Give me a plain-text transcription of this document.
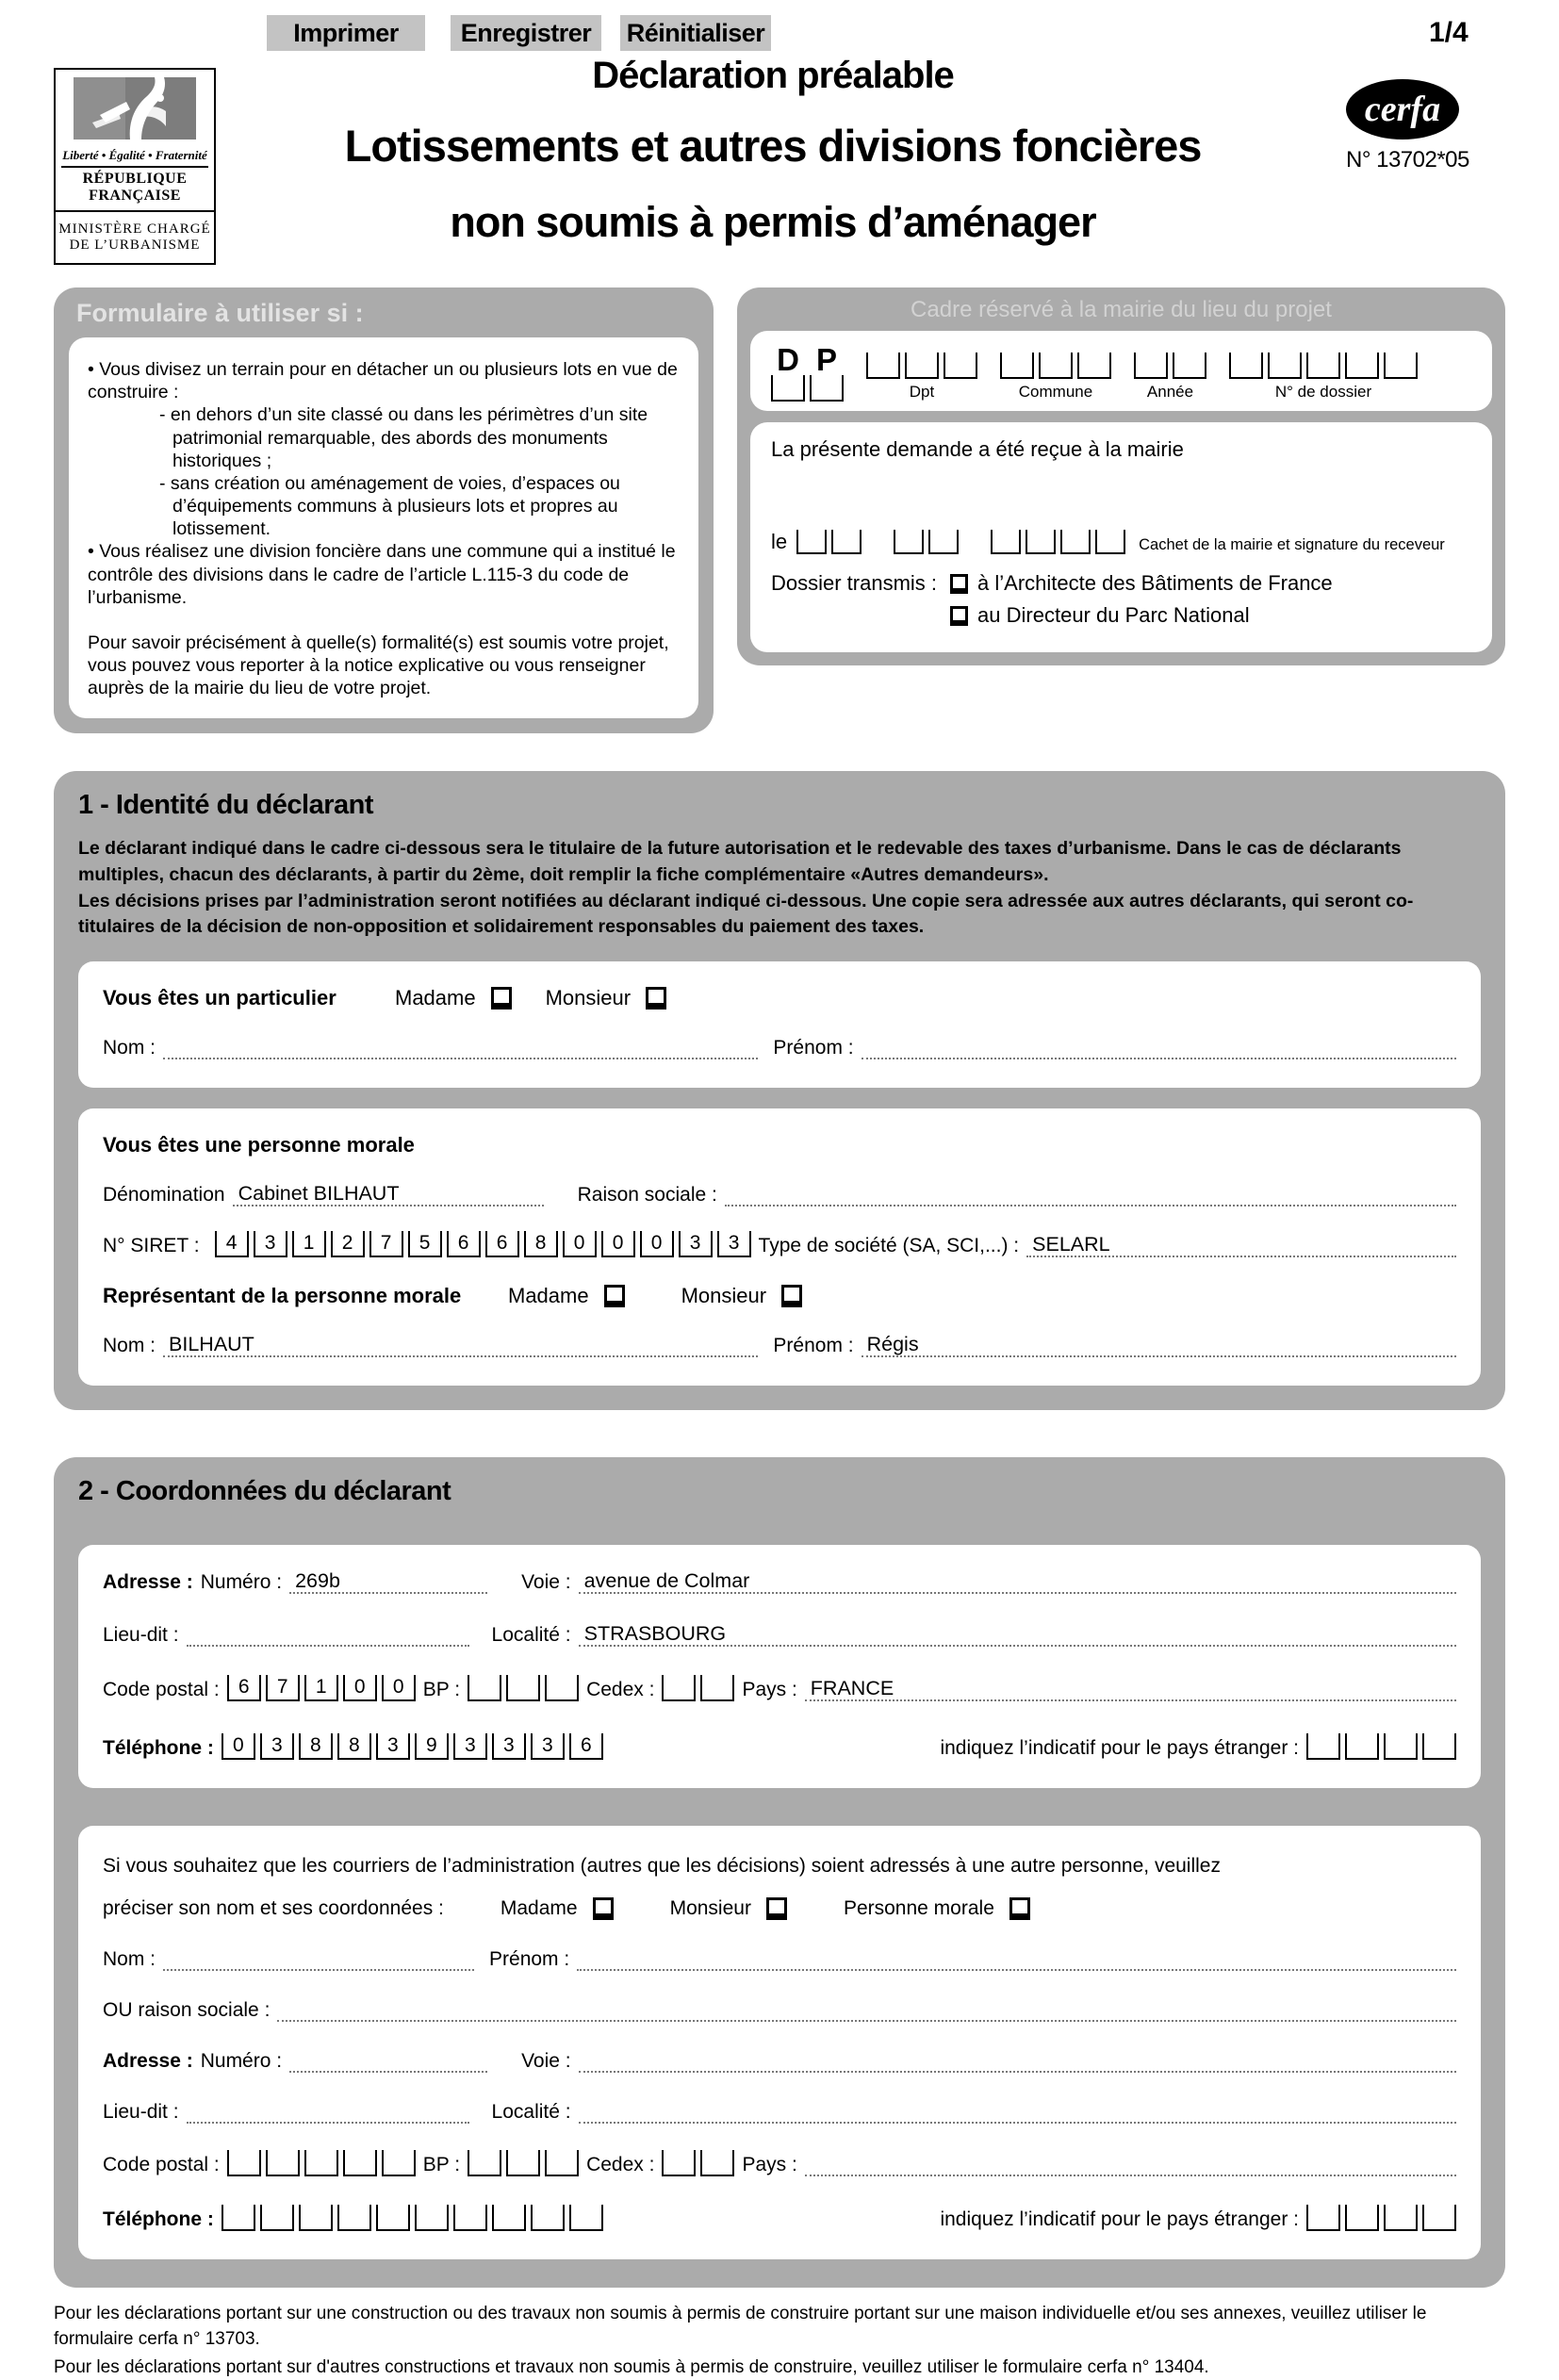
Imprimer	Enregistrer	Réinitialiser	1/4
Liberté • Égalité • Fraternité
RÉPUBLIQUE FRANÇAISE
MINISTÈRE CHARGÉ
DE L’URBANISME
Déclaration préalable
Lotissements et autres divisions foncières
non soumis à permis d’aménager
cerfa
N° 13702*05
Formulaire à utiliser si :
• Vous divisez un terrain pour en détacher un ou plusieurs lots en vue de construire :
- en dehors d’un site classé ou dans les périmètres d’un site patrimonial remarquable, des abords des monuments historiques ;
- sans création ou aménagement de voies, d’espaces ou d’équipements communs à plusieurs lots et propres au lotissement.
• Vous réalisez une division foncière dans une commune qui a institué le contrôle des divisions dans le cadre de l’article L.115-3 du code de l’urbanisme.
Pour savoir précisément à quelle(s) formalité(s) est soumis votre projet, vous pouvez vous reporter à la notice explicative ou vous renseigner auprès de la mairie du lieu de votre projet.
Cadre réservé à la mairie du lieu du projet
D P
Dpt	Commune	Année	N° de dossier
La présente demande a été reçue à la mairie
le	Cachet de la mairie et signature du receveur
Dossier transmis : à l’Architecte des Bâtiments de France
au Directeur du Parc National
1 - Identité du déclarant
Le déclarant indiqué dans le cadre ci-dessous sera le titulaire de la future autorisation et le redevable des taxes d’urbanisme. Dans le cas de déclarants multiples, chacun des déclarants, à partir du 2ème, doit remplir la fiche complémentaire «Autres demandeurs».
Les décisions prises par l’administration seront notifiées au déclarant indiqué ci-dessous. Une copie sera adressée aux autres déclarants, qui seront co-titulaires de la décision de non-opposition et solidairement responsables du paiement des taxes.
Vous êtes un particulier	Madame	Monsieur
Nom :	Prénom :
Vous êtes une personne morale
Dénomination Cabinet BILHAUT	Raison sociale :
N° SIRET :	4	3	1	2	7	5	6	6	8	0	0	0	3	3 Type de société (SA, SCI,...) : SELARL
Représentant de la personne morale	Madame	Monsieur
Nom : BILHAUT	Prénom : Régis
2 - Coordonnées du déclarant
Adresse : Numéro : 269b	Voie : avenue de Colmar
Lieu-dit :	Localité : STRASBOURG
Code postal : 6	7	1	0	0 BP :	Cedex :	Pays : FRANCE
Téléphone : 0	3	8	8	3	9	3	3	3	6	indiquez l’indicatif pour le pays étranger :
Si vous souhaitez que les courriers de l’administration (autres que les décisions) soient adressés à une autre personne, veuillez
préciser son nom et ses coordonnées :	Madame	Monsieur	Personne morale
Nom :	Prénom :
OU raison sociale :
Adresse : Numéro :	Voie :
Lieu-dit :	Localité :
Code postal :	BP :	Cedex :	Pays :
Téléphone :	indiquez l’indicatif pour le pays étranger :

Pour les déclarations portant sur une construction ou des travaux non soumis à permis de construire portant sur une maison individuelle et/ou ses annexes, veuillez utiliser le formulaire cerfa n° 13703.

Pour les déclarations portant sur d'autres constructions et travaux non soumis à permis de construire, veuillez utiliser le formulaire cerfa n° 13404.
